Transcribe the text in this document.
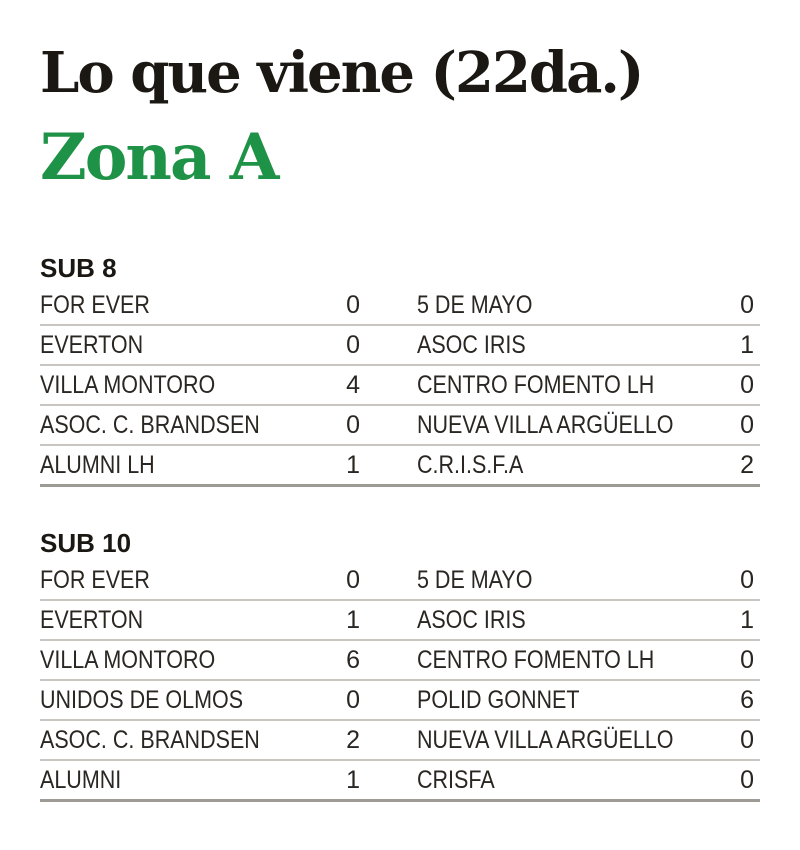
Lo que viene (22da.)
Zona A
SUB 8
FOR EVER	0 5 DE MAYO	0
EVERTON	0 ASOC IRIS	1
VILLA MONTORO	4 CENTRO FOMENTO LH	0
ASOC. C. BRANDSEN	0 NUEVA VILLA ARGÜELLO	0
ALUMNI LH	1 C.R.I.S.F.A	2
SUB 10
FOR EVER	0 5 DE MAYO	0
EVERTON	1 ASOC IRIS	1
VILLA MONTORO	6 CENTRO FOMENTO LH	0
UNIDOS DE OLMOS	0 POLID GONNET	6
ASOC. C. BRANDSEN	2 NUEVA VILLA ARGÜELLO	0
ALUMNI	1 CRISFA	0
